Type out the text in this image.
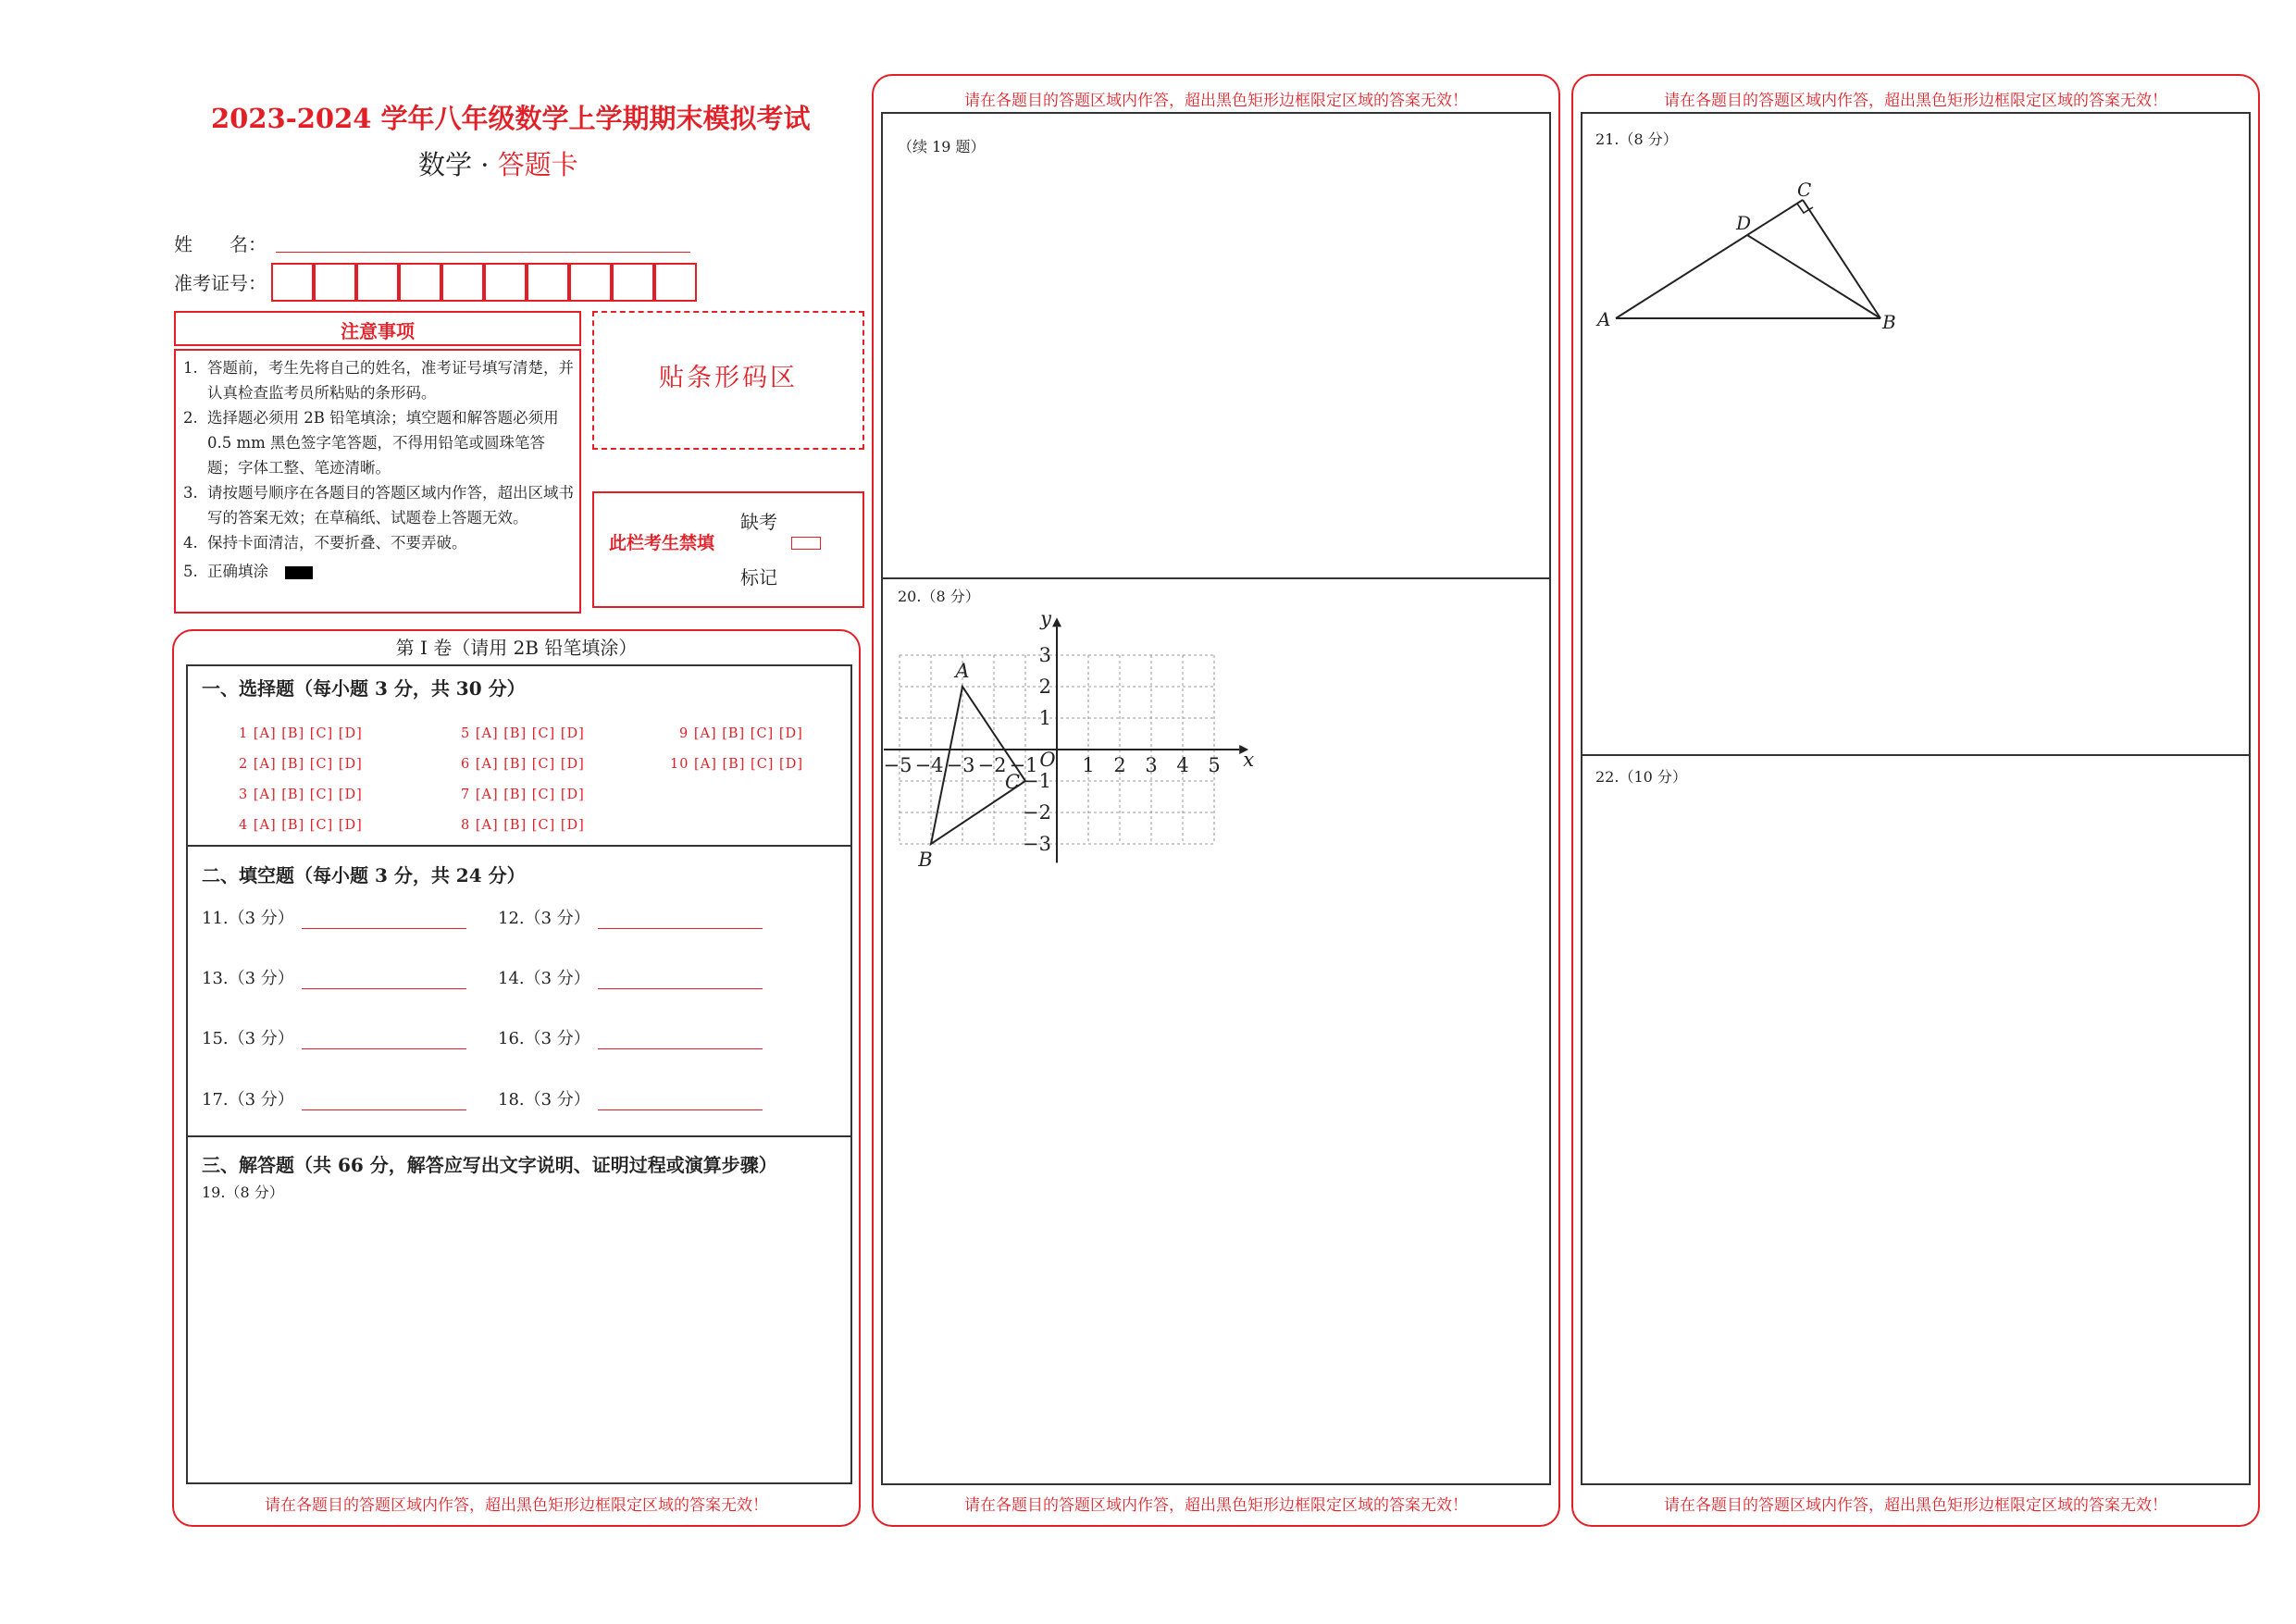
2023-2024 学年八年级数学上学期期末模拟考试
数学 · 答题卡
姓　　名：
准考证号：
注意事项
1. 答题前，考生先将自己的姓名，准考证号填写清楚，并认真检查监考员所粘贴的条形码。
2. 选择题必须用 2B 铅笔填涂；填空题和解答题必须用 0.5 mm 黑色签字笔答题，不得用铅笔或圆珠笔答题；字体工整、笔迹清晰。
3. 请按题号顺序在各题目的答题区域内作答，超出区域书写的答案无效；在草稿纸、试题卷上答题无效。
4. 保持卡面清洁，不要折叠、不要弄破。
5. 正确填涂
贴条形码区
此栏考生禁填
缺考
标记
第 I 卷（请用 2B 铅笔填涂）
一、选择题（每小题 3 分，共 30 分）
1 [A] [B] [C] [D]
2 [A] [B] [C] [D]
3 [A] [B] [C] [D]
4 [A] [B] [C] [D]
5 [A] [B] [C] [D]
6 [A] [B] [C] [D]
7 [A] [B] [C] [D]
8 [A] [B] [C] [D]
9 [A] [B] [C] [D]
10 [A] [B] [C] [D]
二、填空题（每小题 3 分，共 24 分）
11.（3 分）	12.（3 分）
13.（3 分）	14.（3 分）
15.（3 分）	16.（3 分）
17.（3 分）	18.（3 分）
三、解答题（共 66 分，解答应写出文字说明、证明过程或演算步骤）
19.（8 分）
请在各题目的答题区域内作答，超出黑色矩形边框限定区域的答案无效！
请在各题目的答题区域内作答，超出黑色矩形边框限定区域的答案无效！
（续 19 题）
20.（8 分）
−5 −4 −3 −2 −1 1 2 3 4 5
3
2
1
−1
−2
−3
O	x
y
A
B
C
请在各题目的答题区域内作答，超出黑色矩形边框限定区域的答案无效！
请在各题目的答题区域内作答，超出黑色矩形边框限定区域的答案无效！
21.（8 分）
22.（10 分）
A	B
C
D
请在各题目的答题区域内作答，超出黑色矩形边框限定区域的答案无效！
